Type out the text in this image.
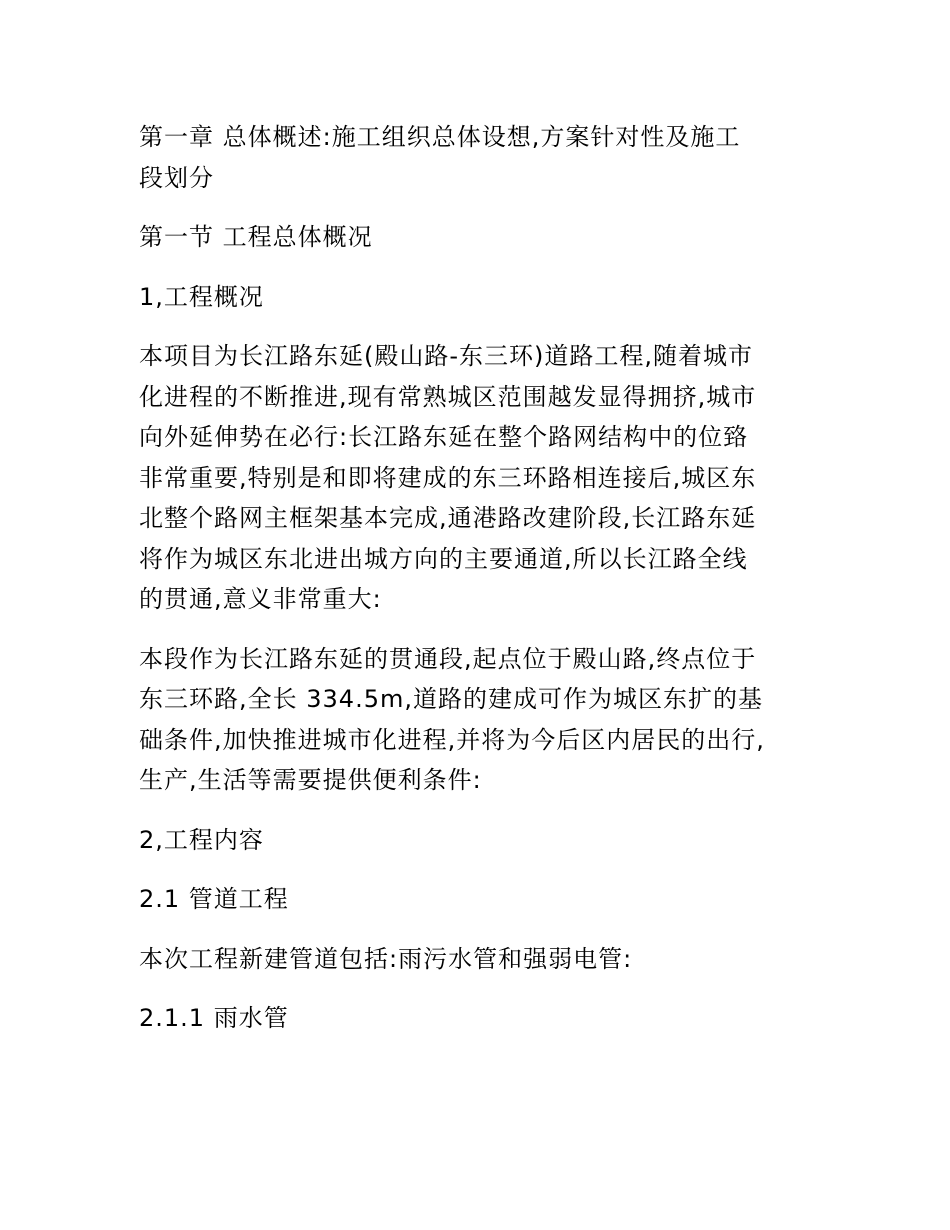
第一章 总体概述:施工组织总体设想,方案针对性及施工
段划分
第一节 工程总体概况
1,工程概况
本项目为长江路东延(殿山路-东三环)道路工程,随着城市
化进程的不断推进,现有常熟城区范围越发显得拥挤,城市
向外延伸势在必行:长江路东延在整个路网结构中的位臵
非常重要,特别是和即将建成的东三环路相连接后,城区东
北整个路网主框架基本完成,通港路改建阶段,长江路东延
将作为城区东北进出城方向的主要通道,所以长江路全线
的贯通,意义非常重大:
本段作为长江路东延的贯通段,起点位于殿山路,终点位于
东三环路,全长 334.5m,道路的建成可作为城区东扩的基
础条件,加快推进城市化进程,并将为今后区内居民的出行,
生产,生活等需要提供便利条件:
2,工程内容
2.1 管道工程
本次工程新建管道包括:雨污水管和强弱电管:
2.1.1 雨水管
